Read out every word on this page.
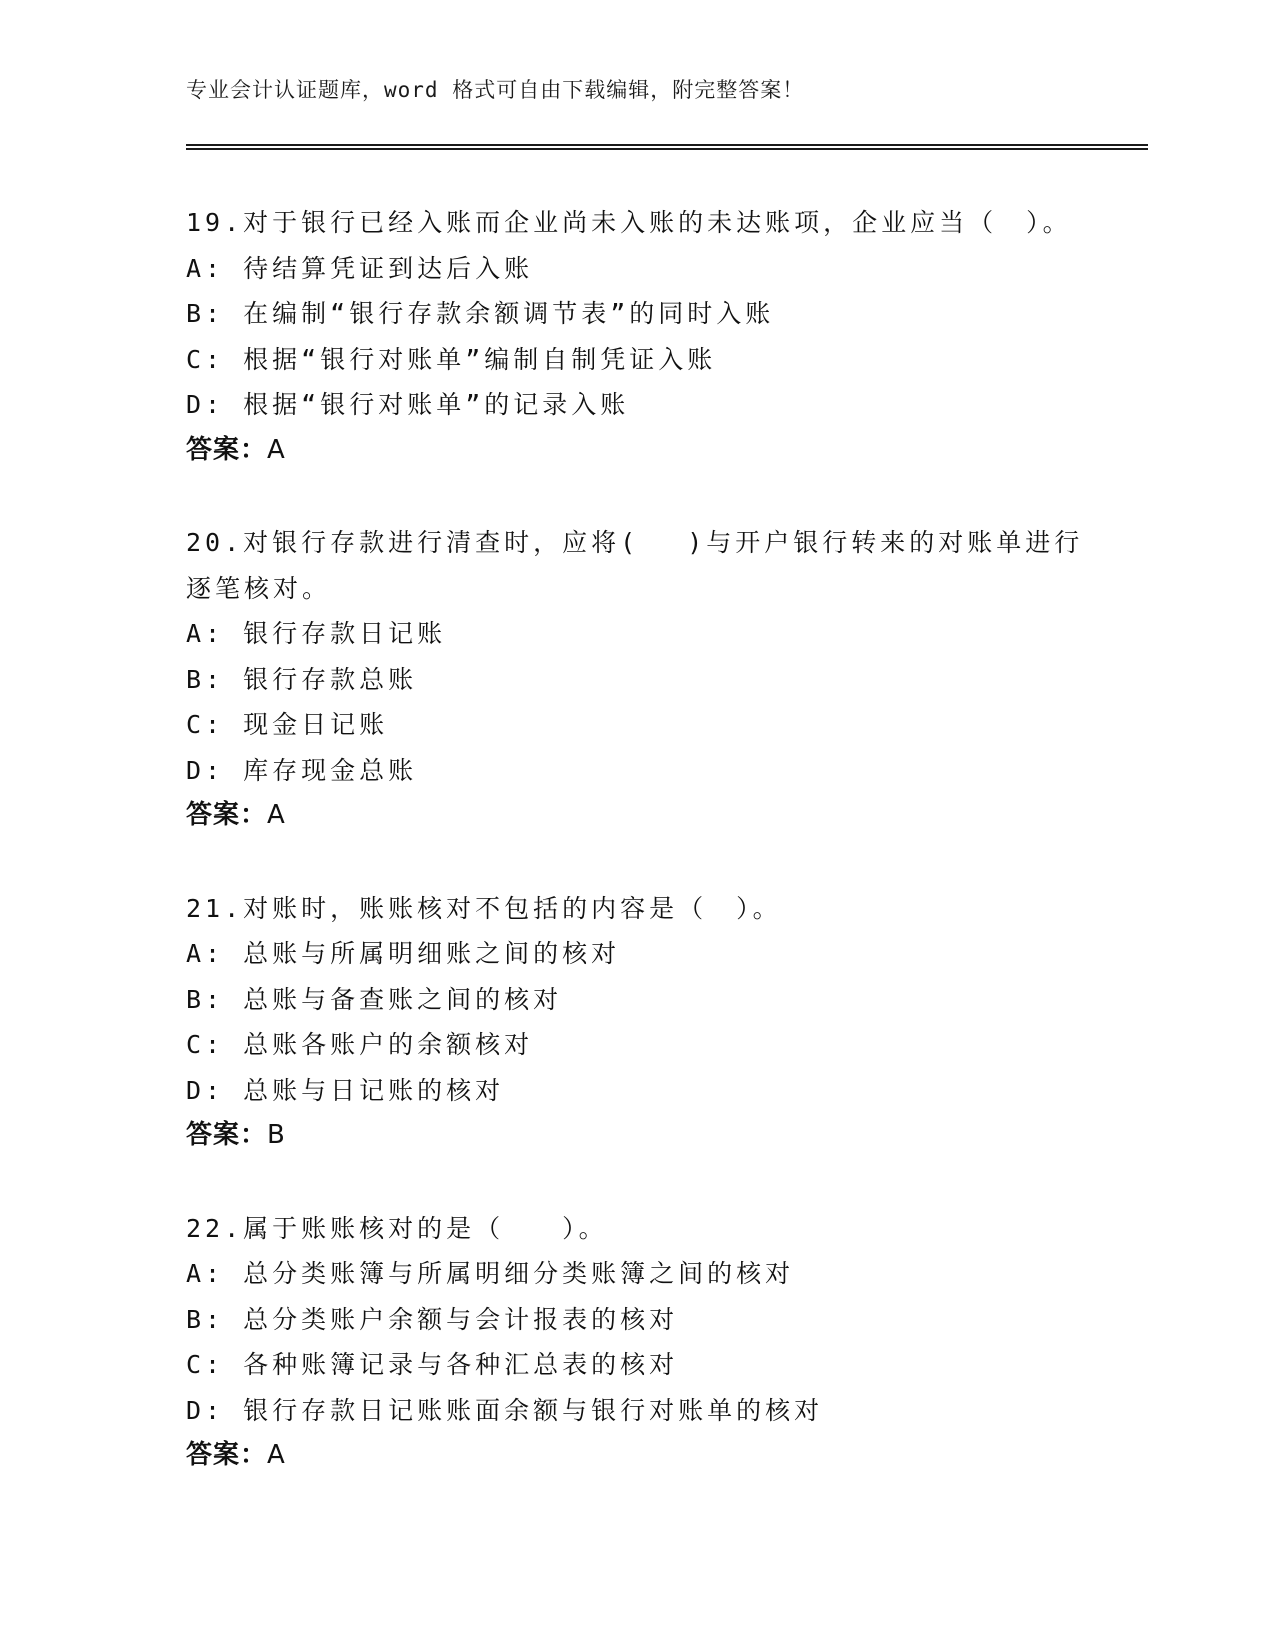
专业会计认证题库，word 格式可自由下载编辑，附完整答案！
19.对于银行已经入账而企业尚未入账的未达账项，企业应当（　）。
A: 待结算凭证到达后入账
B: 在编制“银行存款余额调节表”的同时入账
C: 根据“银行对账单”编制自制凭证入账
D: 根据“银行对账单”的记录入账
答案：A
20.对银行存款进行清查时，应将(　 )与开户银行转来的对账单进行逐笔核对。
A: 银行存款日记账
B: 银行存款总账
C: 现金日记账
D: 库存现金总账
答案：A
21.对账时，账账核对不包括的内容是（　）。
A: 总账与所属明细账之间的核对
B: 总账与备查账之间的核对
C: 总账各账户的余额核对
D: 总账与日记账的核对
答案：B
22.属于账账核对的是（　　）。
A: 总分类账簿与所属明细分类账簿之间的核对
B: 总分类账户余额与会计报表的核对
C: 各种账簿记录与各种汇总表的核对
D: 银行存款日记账账面余额与银行对账单的核对
答案：A
